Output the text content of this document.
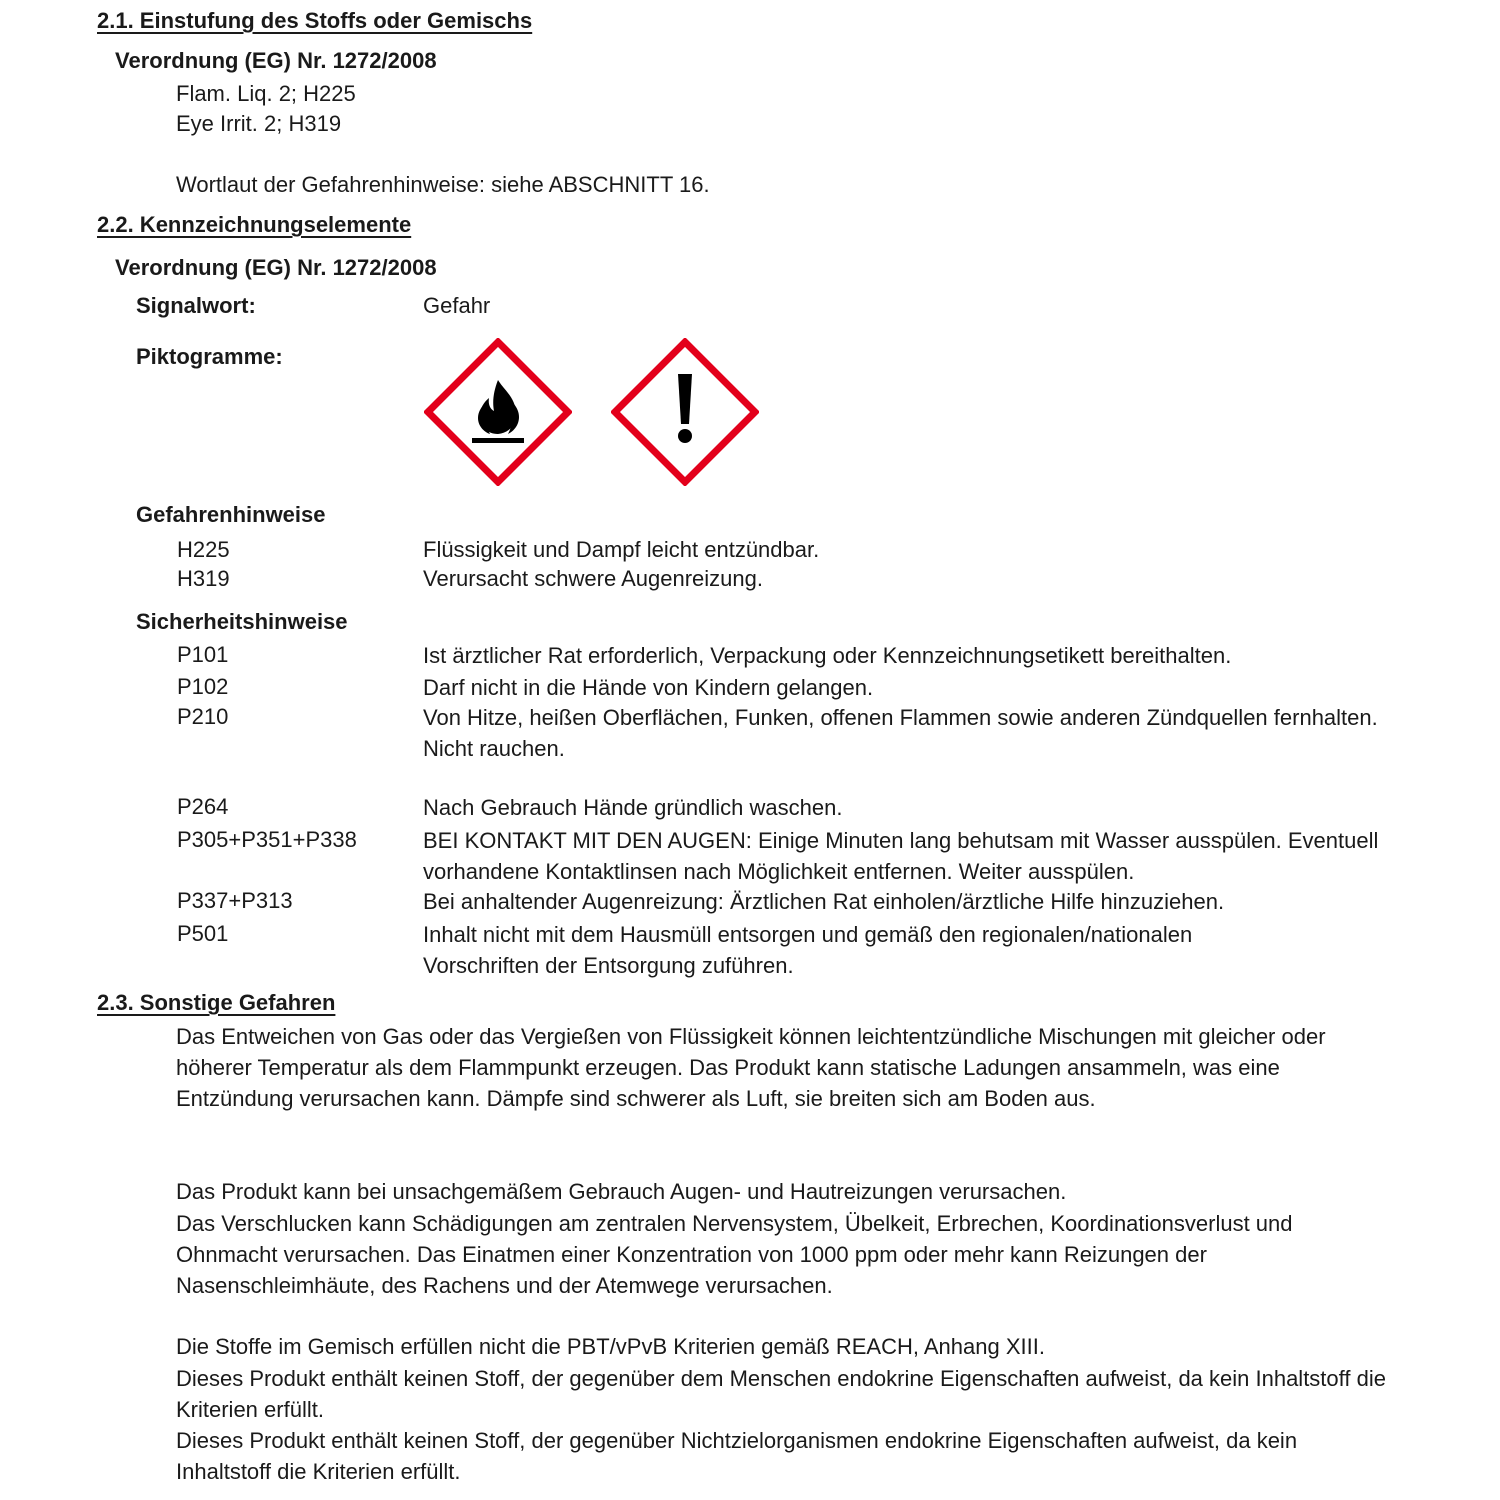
2.1. Einstufung des Stoffs oder Gemischs
Verordnung (EG) Nr. 1272/2008
Flam. Liq. 2; H225
Eye Irrit. 2; H319
Wortlaut der Gefahrenhinweise: siehe ABSCHNITT 16.
2.2. Kennzeichnungselemente
Verordnung (EG) Nr. 1272/2008
Signalwort:	Gefahr
Piktogramme:
Gefahrenhinweise
H225	Flüssigkeit und Dampf leicht entzündbar.
H319	Verursacht schwere Augenreizung.
Sicherheitshinweise
P101	Ist ärztlicher Rat erforderlich, Verpackung oder Kennzeichnungsetikett bereithalten.
P102	Darf nicht in die Hände von Kindern gelangen.
P210	Von Hitze, heißen Oberflächen, Funken, offenen Flammen sowie anderen Zündquellen fernhalten. Nicht rauchen.
P264	Nach Gebrauch Hände gründlich waschen.
P305+P351+P338	BEI KONTAKT MIT DEN AUGEN: Einige Minuten lang behutsam mit Wasser ausspülen. Eventuell vorhandene Kontaktlinsen nach Möglichkeit entfernen. Weiter ausspülen.
P337+P313	Bei anhaltender Augenreizung: Ärztlichen Rat einholen/ärztliche Hilfe hinzuziehen.
P501	Inhalt nicht mit dem Hausmüll entsorgen und gemäß den regionalen/nationalen Vorschriften der Entsorgung zuführen.
2.3. Sonstige Gefahren
Das Entweichen von Gas oder das Vergießen von Flüssigkeit können leichtentzündliche Mischungen mit gleicher oder höherer Temperatur als dem Flammpunkt erzeugen. Das Produkt kann statische Ladungen ansammeln, was eine Entzündung verursachen kann. Dämpfe sind schwerer als Luft, sie breiten sich am Boden aus.
Das Produkt kann bei unsachgemäßem Gebrauch Augen- und Hautreizungen verursachen.
Das Verschlucken kann Schädigungen am zentralen Nervensystem, Übelkeit, Erbrechen, Koordinationsverlust und Ohnmacht verursachen. Das Einatmen einer Konzentration von 1000 ppm oder mehr kann Reizungen der Nasenschleimhäute, des Rachens und der Atemwege verursachen.
Die Stoffe im Gemisch erfüllen nicht die PBT/vPvB Kriterien gemäß REACH, Anhang XIII.
Dieses Produkt enthält keinen Stoff, der gegenüber dem Menschen endokrine Eigenschaften aufweist, da kein Inhaltstoff die Kriterien erfüllt.
Dieses Produkt enthält keinen Stoff, der gegenüber Nichtzielorganismen endokrine Eigenschaften aufweist, da kein Inhaltstoff die Kriterien erfüllt.
